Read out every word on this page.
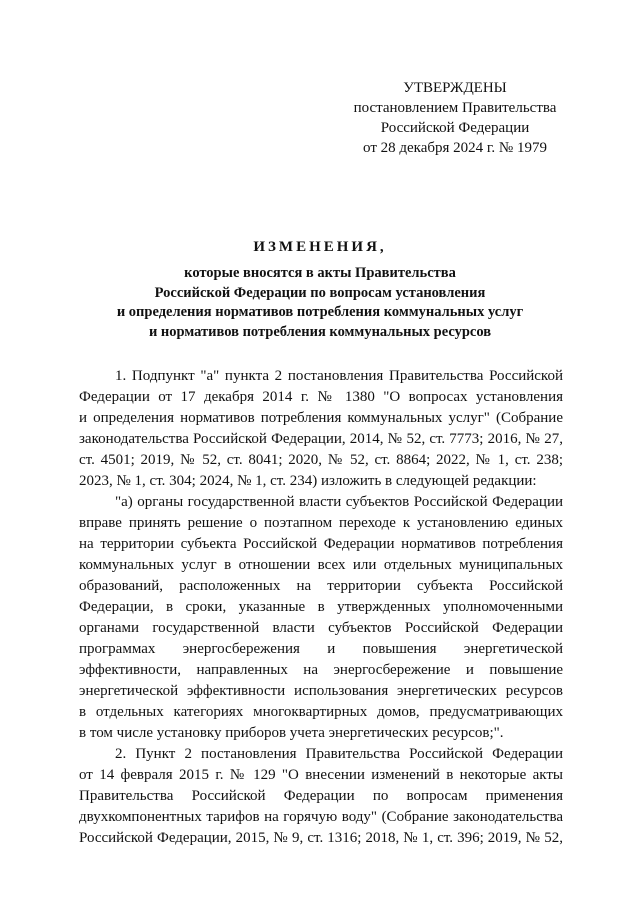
УТВЕРЖДЕНЫ
постановлением Правительства
Российской Федерации
от 28 декабря 2024 г. № 1979
ИЗМЕНЕНИЯ,
которые вносятся в акты Правительства
Российской Федерации по вопросам установления
и определения нормативов потребления коммунальных услуг
и нормативов потребления коммунальных ресурсов
1. Подпункт "а" пункта 2 постановления Правительства Российской
Федерации от 17 декабря 2014 г. № 1380 "О вопросах установления
и определения нормативов потребления коммунальных услуг" (Собрание
законодательства Российской Федерации, 2014, № 52, ст. 7773; 2016, № 27,
ст. 4501; 2019, № 52, ст. 8041; 2020, № 52, ст. 8864; 2022, № 1, ст. 238;
2023, № 1, ст. 304; 2024, № 1, ст. 234) изложить в следующей редакции:
"а) органы государственной власти субъектов Российской Федерации
вправе принять решение о поэтапном переходе к установлению единых
на территории субъекта Российской Федерации нормативов потребления
коммунальных услуг в отношении всех или отдельных муниципальных
образований, расположенных на территории субъекта Российской
Федерации, в сроки, указанные в утвержденных уполномоченными
органами государственной власти субъектов Российской Федерации
программах энергосбережения и повышения энергетической
эффективности, направленных на энергосбережение и повышение
энергетической эффективности использования энергетических ресурсов
в отдельных категориях многоквартирных домов, предусматривающих
в том числе установку приборов учета энергетических ресурсов;".
2. Пункт 2 постановления Правительства Российской Федерации
от 14 февраля 2015 г. № 129 "О внесении изменений в некоторые акты
Правительства Российской Федерации по вопросам применения
двухкомпонентных тарифов на горячую воду" (Собрание законодательства
Российской Федерации, 2015, № 9, ст. 1316; 2018, № 1, ст. 396; 2019, № 52,
